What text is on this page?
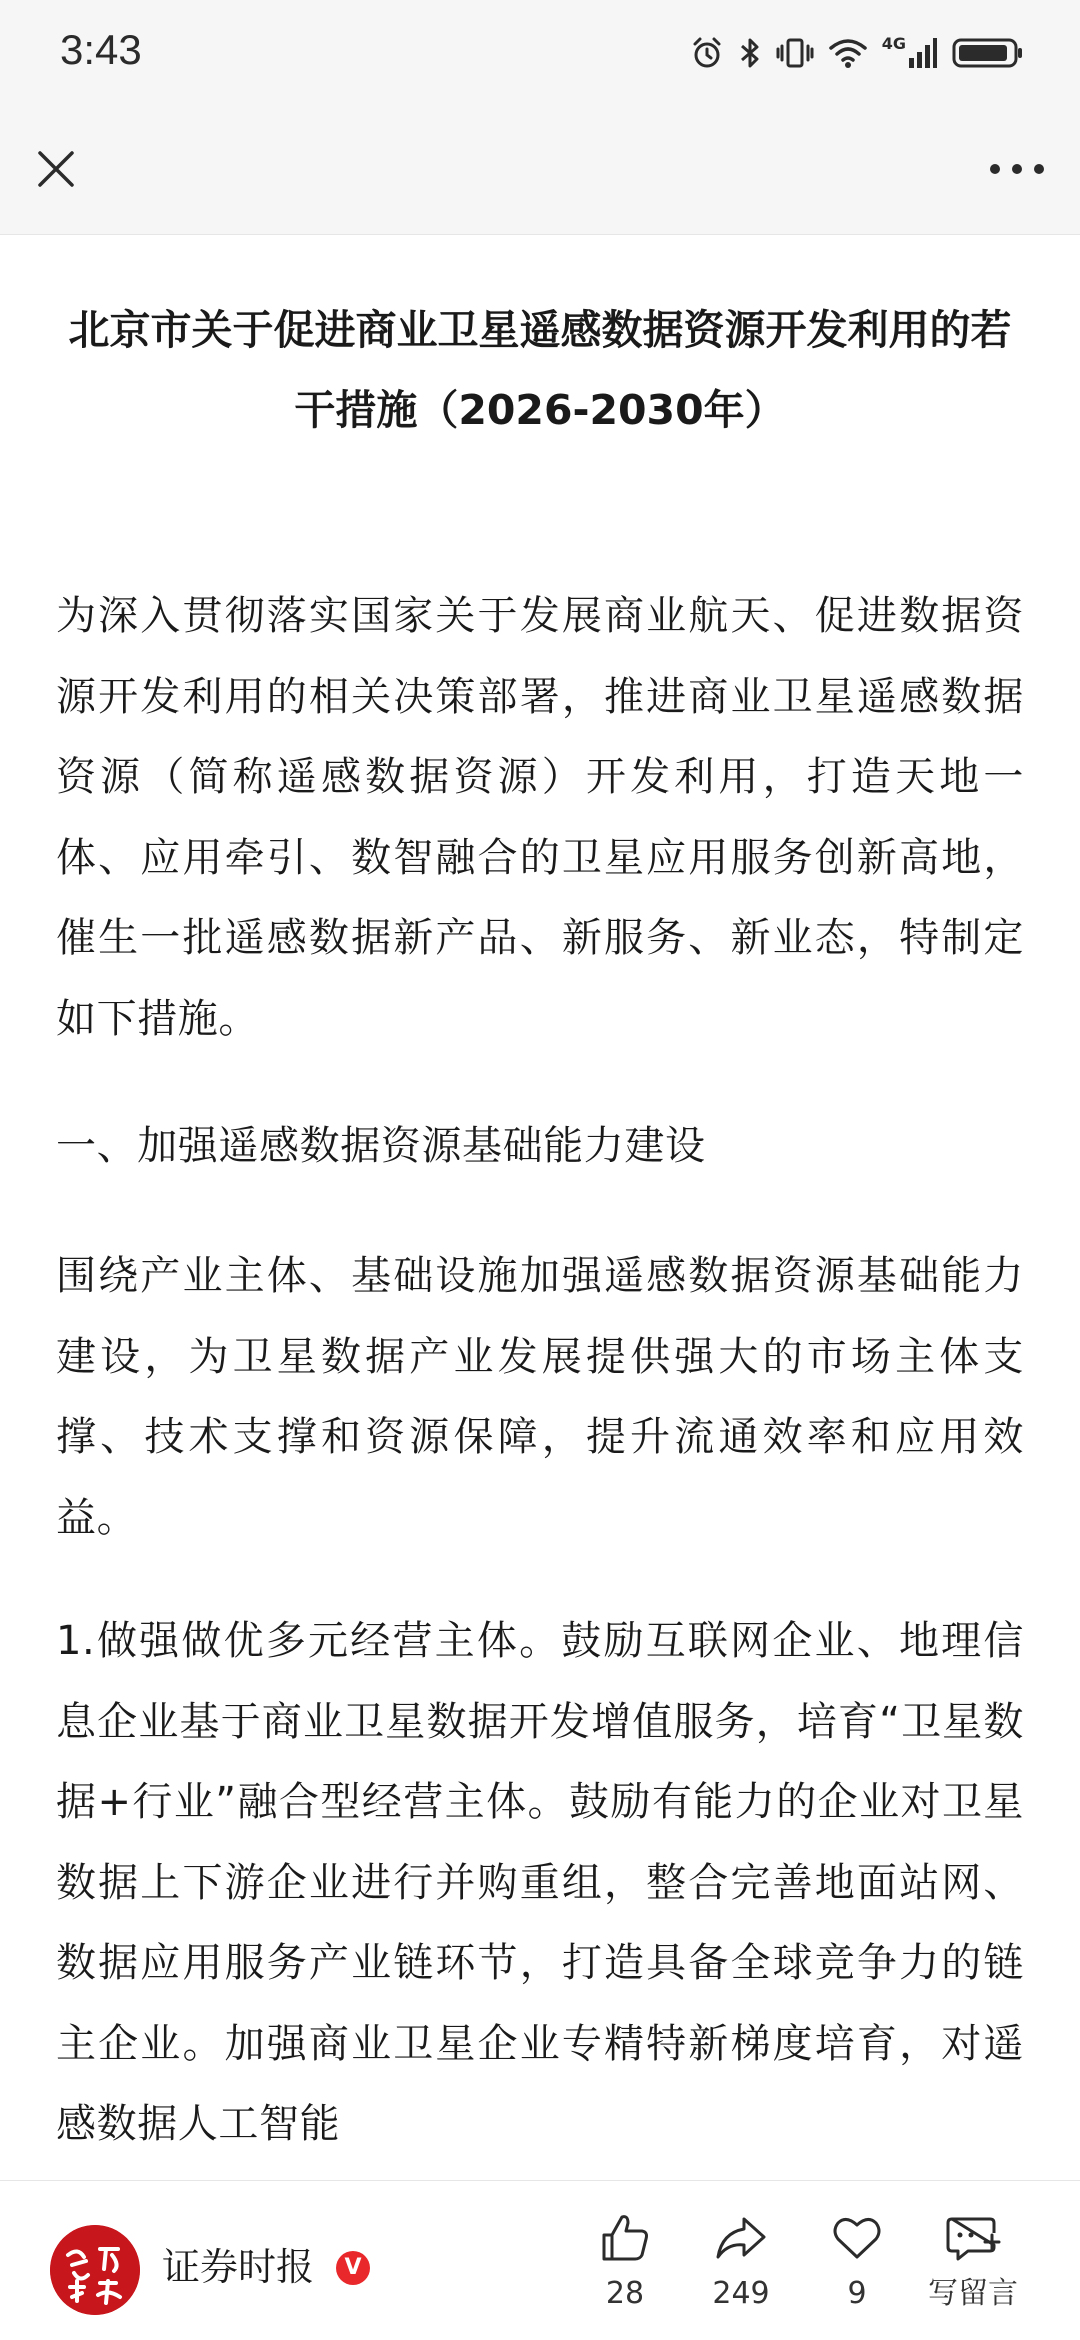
3:43	4G
北京市关于促进商业卫星遥感数据资源开发利用的若干措施（2026-2030年）

为深入贯彻落实国家关于发展商业航天、促进数据资源开发利用的相关决策部署，推进商业卫星遥感数据资源（简称遥感数据资源）开发利用，打造天地一体、应用牵引、数智融合的卫星应用服务创新高地，催生一批遥感数据新产品、新服务、新业态，特制定如下措施。

一、加强遥感数据资源基础能力建设

围绕产业主体、基础设施加强遥感数据资源基础能力建设，为卫星数据产业发展提供强大的市场主体支撑、技术支撑和资源保障，提升流通效率和应用效益。

1.做强做优多元经营主体。鼓励互联网企业、地理信息企业基于商业卫星数据开发增值服务，培育“卫星数据+行业”融合型经营主体。鼓励有能力的企业对卫星数据上下游企业进行并购重组，整合完善地面站网、数据应用服务产业链环节，打造具备全球竞争力的链主企业。加强商业卫星企业专精特新梯度培育，对遥感数据人工智能

证券时报	V
28 249	9 写留言
